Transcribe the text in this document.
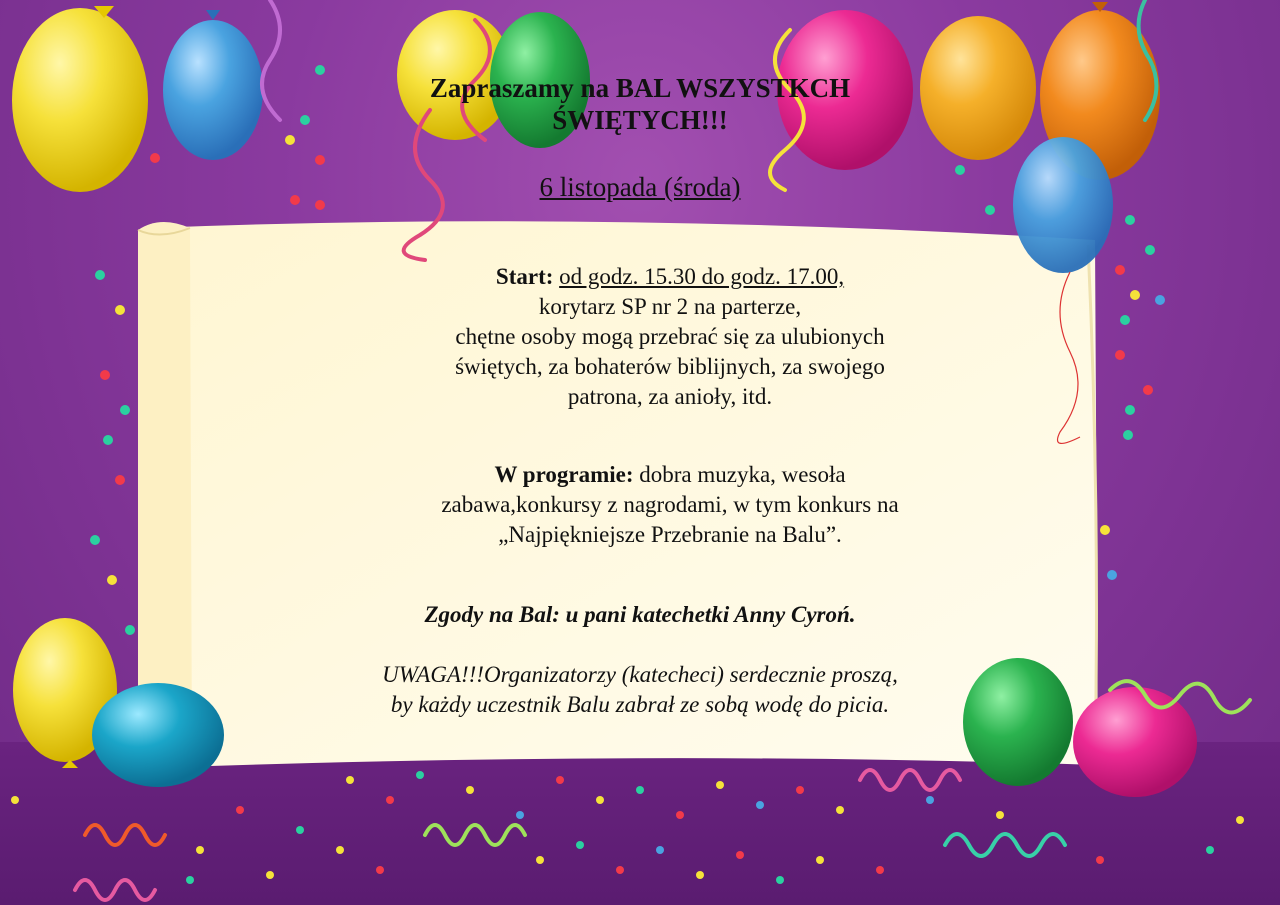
Zapraszamy na BAL WSZYSTKCH ŚWIĘTYCH!!!
6 listopada (środa)
Start: od godz. 15.30 do godz. 17.00,
korytarz SP nr 2 na parterze,
chętne osoby mogą przebrać się za ulubionych
świętych, za bohaterów biblijnych, za swojego
patrona, za anioły, itd.
W programie: dobra muzyka, wesoła
zabawa,konkursy z nagrodami, w tym konkurs na
„Najpiękniejsze Przebranie na Balu”.
Zgody na Bal: u pani katechetki Anny Cyroń.
UWAGA!!!Organizatorzy (katecheci) serdecznie proszą,
by każdy uczestnik Balu zabrał ze sobą wodę do picia.
